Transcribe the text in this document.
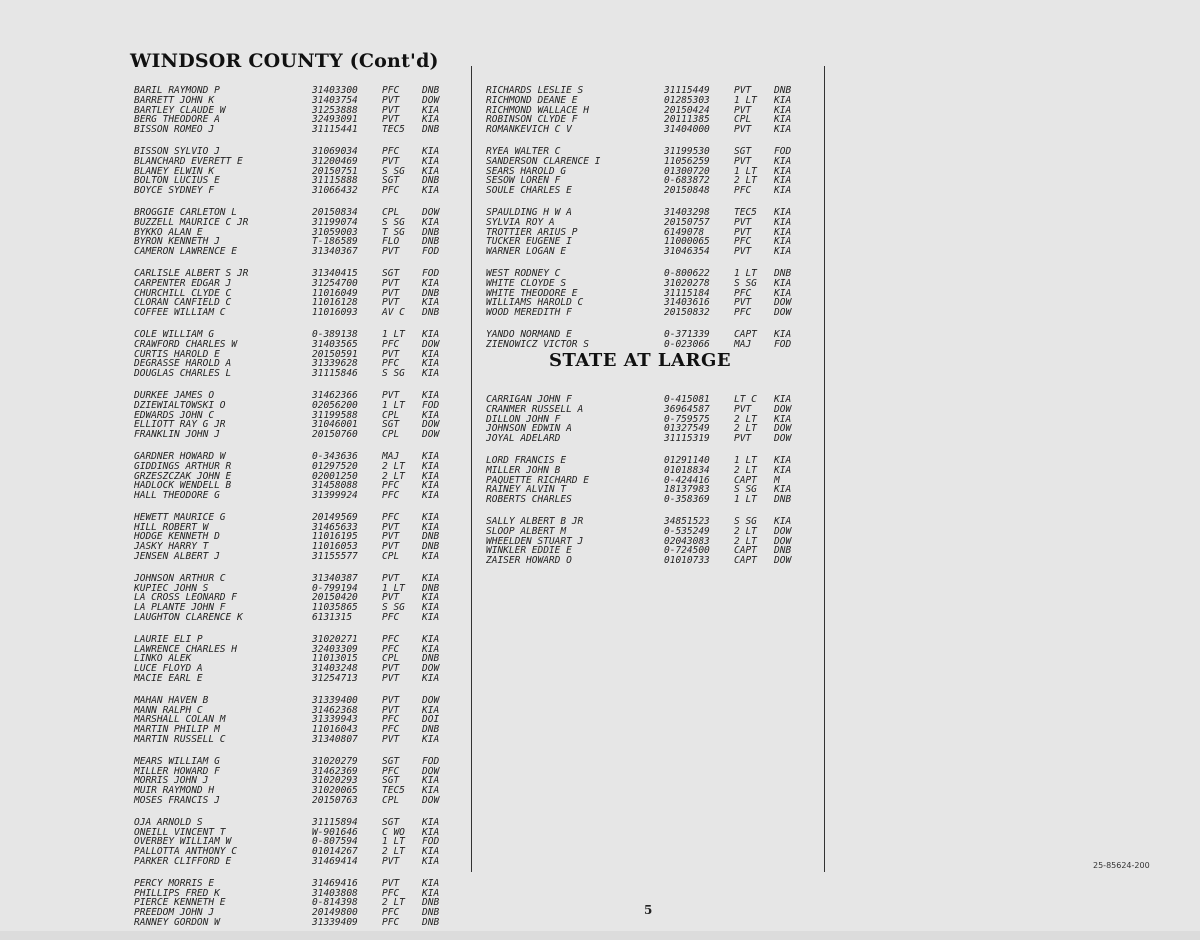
WINDSOR COUNTY (Cont'd)
BARIL RAYMOND P	31403300	PFC	DNB
BARRETT JOHN K	31403754	PVT	DOW
BARTLEY CLAUDE W	31253888	PVT	KIA
BERG THEODORE A	32493091	PVT	KIA
BISSON ROMEO J	31115441	TEC5	DNB
BISSON SYLVIO J	31069034	PFC	KIA
BLANCHARD EVERETT E	31200469	PVT	KIA
BLANEY ELWIN K	20150751	S SG	KIA
BOLTON LUCIUS E	31115888	SGT	DNB
BOYCE SYDNEY F	31066432	PFC	KIA
BROGGIE CARLETON L	20150834	CPL	DOW
BUZZELL MAURICE C JR	31199074	S SG	KIA
BYKKO ALAN E	31059003	T SG	DNB
BYRON KENNETH J	T-186589	FLO	DNB
CAMERON LAWRENCE E	31340367	PVT	FOD
CARLISLE ALBERT S JR	31340415	SGT	FOD
CARPENTER EDGAR J	31254700	PVT	KIA
CHURCHILL CLYDE C	11016049	PVT	DNB
CLORAN CANFIELD C	11016128	PVT	KIA
COFFEE WILLIAM C	11016093	AV C	DNB
COLE WILLIAM G	0-389138	1 LT	KIA
CRAWFORD CHARLES W	31403565	PFC	DOW
CURTIS HAROLD E	20150591	PVT	KIA
DEGRASSE HAROLD A	31339628	PFC	KIA
DOUGLAS CHARLES L	31115846	S SG	KIA
DURKEE JAMES O	31462366	PVT	KIA
DZIEWIALTOWSKI O	02056200	1 LT	FOD
EDWARDS JOHN C	31199588	CPL	KIA
ELLIOTT RAY G JR	31046001	SGT	DOW
FRANKLIN JOHN J	20150760	CPL	DOW
GARDNER HOWARD W	0-343636	MAJ	KIA
GIDDINGS ARTHUR R	01297520	2 LT	KIA
GRZESZCZAK JOHN E	02001250	2 LT	KIA
HADLOCK WENDELL B	31458088	PFC	KIA
HALL THEODORE G	31399924	PFC	KIA
HEWETT MAURICE G	20149569	PFC	KIA
HILL ROBERT W	31465633	PVT	KIA
HODGE KENNETH D	11016195	PVT	DNB
JASKY HARRY T	11016053	PVT	DNB
JENSEN ALBERT J	31155577	CPL	KIA
JOHNSON ARTHUR C	31340387	PVT	KIA
KUPIEC JOHN S	0-799194	1 LT	DNB
LA CROSS LEONARD F	20150420	PVT	KIA
LA PLANTE JOHN F	11035865	S SG	KIA
LAUGHTON CLARENCE K	6131315	PFC	KIA
LAURIE ELI P	31020271	PFC	KIA
LAWRENCE CHARLES H	32403309	PFC	KIA
LINKO ALEK	11013015	CPL	DNB
LUCE FLOYD A	31403248	PVT	DOW
MACIE EARL E	31254713	PVT	KIA
MAHAN HAVEN B	31339400	PVT	DOW
MANN RALPH C	31462368	PVT	KIA
MARSHALL COLAN M	31339943	PFC	DOI
MARTIN PHILIP M	11016043	PFC	DNB
MARTIN RUSSELL C	31340807	PVT	KIA
MEARS WILLIAM G	31020279	SGT	FOD
MILLER HOWARD F	31462369	PFC	DOW
MORRIS JOHN J	31020293	SGT	KIA
MUIR RAYMOND H	31020065	TEC5	KIA
MOSES FRANCIS J	20150763	CPL	DOW
OJA ARNOLD S	31115894	SGT	KIA
ONEILL VINCENT T	W-901646	C WO	KIA
OVERBEY WILLIAM W	0-807594	1 LT	FOD
PALLOTTA ANTHONY C	01014267	2 LT	KIA
PARKER CLIFFORD E	31469414	PVT	KIA
PERCY MORRIS E	31469416	PVT	KIA
PHILLIPS FRED K	31403808	PFC	KIA
PIERCE KENNETH E	0-814398	2 LT	DNB
PREEDOM JOHN J	20149800	PFC	DNB
RANNEY GORDON W	31339409	PFC	DNB
RICHARDS LESLIE S	31115449	PVT	DNB
RICHMOND DEANE E	01285303	1 LT	KIA
RICHMOND WALLACE H	20150424	PVT	KIA
ROBINSON CLYDE F	20111385	CPL	KIA
ROMANKEVICH C V	31404000	PVT	KIA
RYEA WALTER C	31199530	SGT	FOD
SANDERSON CLARENCE I	11056259	PVT	KIA
SEARS HAROLD G	01300720	1 LT	KIA
SESOW LOREN F	0-683872	2 LT	KIA
SOULE CHARLES E	20150848	PFC	KIA
SPAULDING H W A	31403298	TEC5	KIA
SYLVIA ROY A	20150757	PVT	KIA
TROTTIER ARIUS P	6149078	PVT	KIA
TUCKER EUGENE I	11000065	PFC	KIA
WARNER LOGAN E	31046354	PVT	KIA
WEST RODNEY C	0-800622	1 LT	DNB
WHITE CLOYDE S	31020278	S SG	KIA
WHITE THEODORE E	31115184	PFC	KIA
WILLIAMS HAROLD C	31403616	PVT	DOW
WOOD MEREDITH F	20150832	PFC	DOW
YANDO NORMAND E	0-371339	CAPT	KIA
ZIENOWICZ VICTOR S	0-023066	MAJ	FOD
STATE AT LARGE
CARRIGAN JOHN F	0-415081	LT C	KIA
CRANMER RUSSELL A	36964587	PVT	DOW
DILLON JOHN F	0-759575	2 LT	KIA
JOHNSON EDWIN A	01327549	2 LT	DOW
JOYAL ADELARD	31115319	PVT	DOW
LORD FRANCIS E	01291140	1 LT	KIA
MILLER JOHN B	01018834	2 LT	KIA
PAQUETTE RICHARD E	0-424416	CAPT	M
RAINEY ALVIN T	18137983	S SG	KIA
ROBERTS CHARLES	0-358369	1 LT	DNB
SALLY ALBERT B JR	34851523	S SG	KIA
SLOOP ALBERT M	0-535249	2 LT	DOW
WHEELDEN STUART J	02043083	2 LT	DOW
WINKLER EDDIE E	0-724500	CAPT	DNB
ZAISER HOWARD O	01010733	CAPT	DOW
25-85624-200
5
